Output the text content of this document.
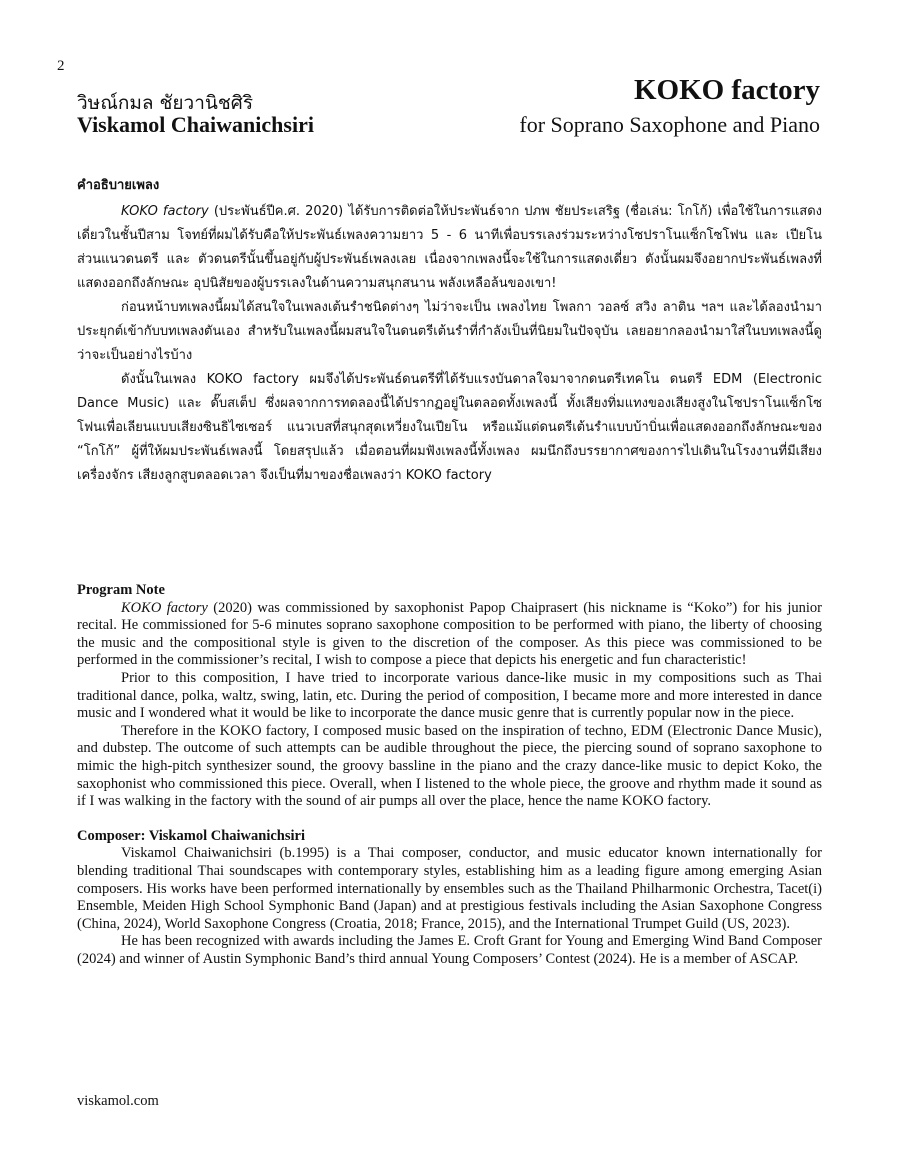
2
วิษณ์กมล ชัยวานิชศิริ
Viskamol Chaiwanichsiri
KOKO factory
for Soprano Saxophone and Piano
คำอธิบายเพลง

KOKO factory (ประพันธ์ปีค.ศ. 2020) ได้รับการติดต่อให้ประพันธ์จาก ปภพ ชัยประเสริฐ (ชื่อเล่น: โกโก้) เพื่อใช้ในการแสดงเดี่ยวในชั้นปีสาม โจทย์ที่ผมได้รับคือให้ประพันธ์เพลงความยาว 5 - 6 นาทีเพื่อบรรเลงร่วมระหว่างโซปราโนแซ็กโซโฟน และ เปียโน ส่วนแนวดนตรี และ ตัวดนตรีนั้นขึ้นอยู่กับผู้ประพันธ์เพลงเลย เนื่องจากเพลงนี้จะใช้ในการแสดงเดี่ยว ดังนั้นผมจึงอยากประพันธ์เพลงที่แสดงออกถึงลักษณะ อุปนิสัยของผู้บรรเลงในด้านความสนุกสนาน พลังเหลือล้นของเขา!

ก่อนหน้าบทเพลงนี้ผมได้สนใจในเพลงเต้นรำชนิดต่างๆ ไม่ว่าจะเป็น เพลงไทย โพลกา วอลซ์ สวิง ลาติน ฯลฯ และได้ลองนำมาประยุกต์เข้ากับบทเพลงตันเอง สำหรับในเพลงนี้ผมสนใจในดนตรีเต้นรำที่กำลังเป็นที่นิยมในปัจจุบัน เลยอยากลองนำมาใส่ในบทเพลงนี้ดูว่าจะเป็นอย่างไรบ้าง

ดังนั้นในเพลง KOKO factory ผมจึงได้ประพันธ์ดนตรีที่ได้รับแรงบันดาลใจมาจากดนตรีเทคโน ดนตรี EDM (Electronic Dance Music) และ ดั๊บสเต็ป ซึ่งผลจากการทดลองนี้ได้ปรากฏอยู่ในตลอดทั้งเพลงนี้ ทั้งเสียงทิ่มแทงของเสียงสูงในโซปราโนแซ็กโซโฟนเพื่อเลียนแบบเสียงซินธิไซเซอร์ แนวเบสที่สนุกสุดเหวี่ยงในเปียโน หรือแม้แต่ดนตรีเต้นรำแบบบ้าบิ่นเพื่อแสดงออกถึงลักษณะของ “โกโก้” ผู้ที่ให้ผมประพันธ์เพลงนี้ โดยสรุปแล้ว เมื่อตอนที่ผมฟังเพลงนี้ทั้งเพลง ผมนึกถึงบรรยากาศของการไปเดินในโรงงานที่มีเสียงเครื่องจักร เสียงลูกสูบตลอดเวลา จึงเป็นที่มาของชื่อเพลงว่า KOKO factory

Program Note

KOKO factory (2020) was commissioned by saxophonist Papop Chaiprasert (his nickname is “Koko”) for his junior recital. He commissioned for 5-6 minutes soprano saxophone composition to be performed with piano, the liberty of choosing the music and the compositional style is given to the discretion of the composer. As this piece was commissioned to be performed in the commissioner’s recital, I wish to compose a piece that depicts his energetic and fun characteristic!

Prior to this composition, I have tried to incorporate various dance-like music in my compositions such as Thai traditional dance, polka, waltz, swing, latin, etc. During the period of composition, I became more and more interested in dance music and I wondered what it would be like to incorporate the dance music genre that is currently popular now in the piece.

Therefore in the KOKO factory, I composed music based on the inspiration of techno, EDM (Electronic Dance Music), and dubstep. The outcome of such attempts can be audible throughout the piece, the piercing sound of soprano saxophone to mimic the high-pitch synthesizer sound, the groovy bassline in the piano and the crazy dance-like music to depict Koko, the saxophonist who commissioned this piece. Overall, when I listened to the whole piece, the groove and rhythm made it sound as if I was walking in the factory with the sound of air pumps all over the place, hence the name KOKO factory.

Composer: Viskamol Chaiwanichsiri

Viskamol Chaiwanichsiri (b.1995) is a Thai composer, conductor, and music educator known internationally for blending traditional Thai soundscapes with contemporary styles, establishing him as a leading figure among emerging Asian composers. His works have been performed internationally by ensembles such as the Thailand Philharmonic Orchestra, Tacet(i) Ensemble, Meiden High School Symphonic Band (Japan) and at prestigious festivals including the Asian Saxophone Congress (China, 2024), World Saxophone Congress (Croatia, 2018; France, 2015), and the International Trumpet Guild (US, 2023).

He has been recognized with awards including the James E. Croft Grant for Young and Emerging Wind Band Composer (2024) and winner of Austin Symphonic Band’s third annual Young Composers’ Contest (2024). He is a member of ASCAP.

viskamol.com
